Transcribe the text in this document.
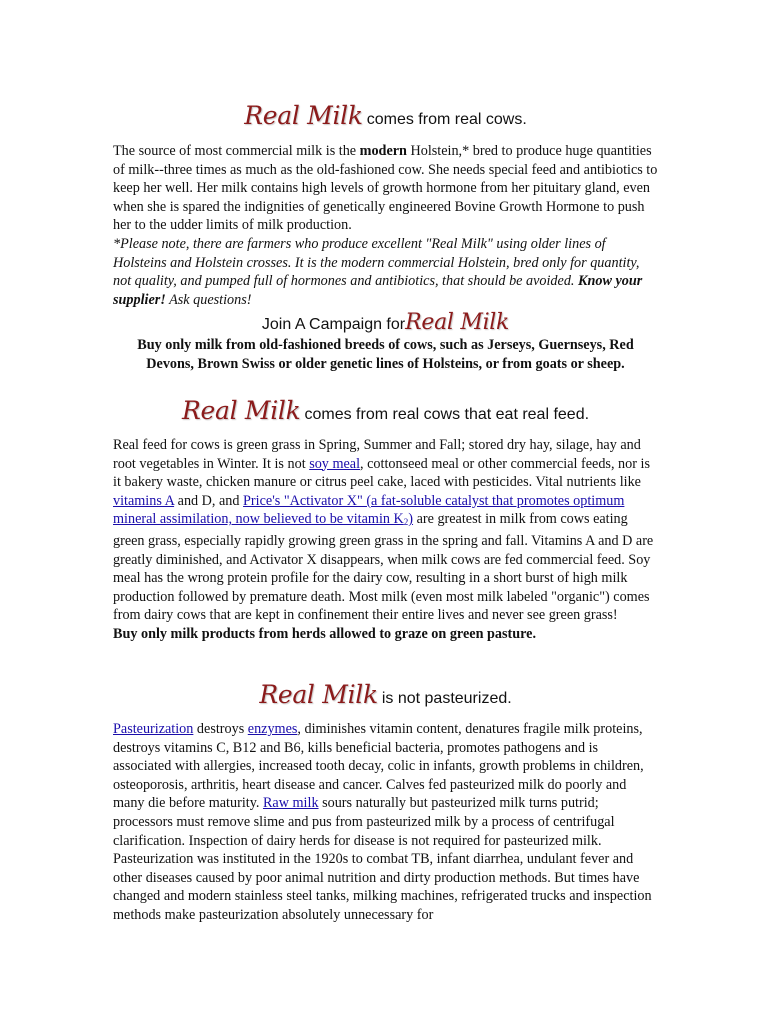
Real Milk comes from real cows.

The source of most commercial milk is the modern Holstein,* bred to produce huge quantities of milk--three times as much as the old-fashioned cow. She needs special feed and antibiotics to keep her well. Her milk contains high levels of growth hormone from her pituitary gland, even when she is spared the indignities of genetically engineered Bovine Growth Hormone to push her to the udder limits of milk production.

*Please note, there are farmers who produce excellent "Real Milk" using older lines of Holsteins and Holstein crosses. It is the modern commercial Holstein, bred only for quantity, not quality, and pumped full of hormones and antibiotics, that should be avoided. Know your supplier! Ask questions!

Join A Campaign for Real Milk

Buy only milk from old-fashioned breeds of cows, such as Jerseys, Guernseys, Red Devons, Brown Swiss or older genetic lines of Holsteins, or from goats or sheep.

Real Milk comes from real cows that eat real feed.

Real feed for cows is green grass in Spring, Summer and Fall; stored dry hay, silage, hay and root vegetables in Winter. It is not soy meal, cottonseed meal or other commercial feeds, nor is it bakery waste, chicken manure or citrus peel cake, laced with pesticides. Vital nutrients like vitamins A and D, and Price's "Activator X" (a fat-soluble catalyst that promotes optimum mineral assimilation, now believed to be vitamin $K_2$) are greatest in milk from cows eating green grass, especially rapidly growing green grass in the spring and fall. Vitamins A and D are greatly diminished, and Activator X disappears, when milk cows are fed commercial feed. Soy meal has the wrong protein profile for the dairy cow, resulting in a short burst of high milk production followed by premature death. Most milk (even most milk labeled "organic") comes from dairy cows that are kept in confinement their entire lives and never see green grass!

Buy only milk products from herds allowed to graze on green pasture.

Real Milk is not pasteurized.

Pasteurization destroys enzymes, diminishes vitamin content, denatures fragile milk proteins, destroys vitamins C, B12 and B6, kills beneficial bacteria, promotes pathogens and is associated with allergies, increased tooth decay, colic in infants, growth problems in children, osteoporosis, arthritis, heart disease and cancer. Calves fed pasteurized milk do poorly and many die before maturity. Raw milk sours naturally but pasteurized milk turns putrid; processors must remove slime and pus from pasteurized milk by a process of centrifugal clarification. Inspection of dairy herds for disease is not required for pasteurized milk. Pasteurization was instituted in the 1920s to combat TB, infant diarrhea, undulant fever and other diseases caused by poor animal nutrition and dirty production methods. But times have changed and modern stainless steel tanks, milking machines, refrigerated trucks and inspection methods make pasteurization absolutely unnecessary for
